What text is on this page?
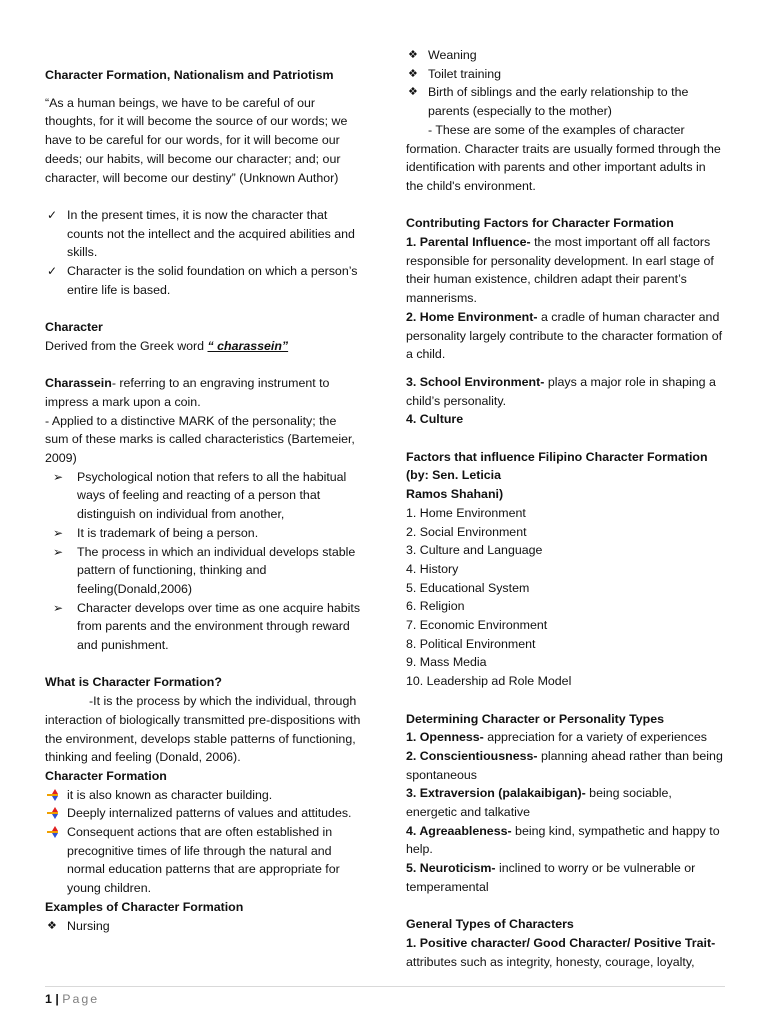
Character Formation, Nationalism and Patriotism

“As a human beings, we have to be careful of our thoughts, for it will become the source of our words; we have to be careful for our words, for it will become our deeds; our habits, will become our character; and; our character, will become our destiny” (Unknown Author)

✓ In the present times, it is now the character that counts not the intellect and the acquired abilities and skills.
✓ Character is the solid foundation on which a person’s entire life is based.

Character

Derived from the Greek word “ charassein”

Charassein- referring to an engraving instrument to impress a mark upon a coin.

- Applied to a distinctive MARK of the personality; the sum of these marks is called characteristics (Bartemeier, 2009)

➢	Psychological notion that refers to all the habitual ways of feeling and reacting of a person that distinguish on individual from another,
➢	It is trademark of being a person.
➢	The process in which an individual develops stable pattern of functioning, thinking and feeling(Donald,2006)
➢	Character develops over time as one acquire habits from parents and the environment through reward and punishment.

What is Character Formation?

-It is the process by which the individual, through interaction of biologically transmitted pre-dispositions with the environment, develops stable patterns of functioning, thinking and feeling (Donald, 2006).

Character Formation

it is also known as character building.
Deeply internalized patterns of values and attitudes.
Consequent actions that are often established in precognitive times of life through the natural and normal education patterns that are appropriate for young children.

Examples of Character Formation

❖ Nursing
❖ Weaning
❖ Toilet training
❖ Birth of siblings and the early relationship to the parents (especially to the mother)

- These are some of the examples of character

formation. Character traits are usually formed through the identification with parents and other important adults in the child's environment.

Contributing Factors for Character Formation

1. Parental Influence- the most important off all factors responsible for personality development. In earl stage of their human existence, children adapt their parent’s mannerisms.

2. Home Environment- a cradle of human character and personality largely contribute to the character formation of a child.

3. School Environment- plays a major role in shaping a child’s personality.

4. Culture

Factors that influence Filipino Character Formation (by: Sen. Leticia

Ramos Shahani)

1. Home Environment

2. Social Environment

3. Culture and Language

4. History

5. Educational System

6. Religion

7. Economic Environment

8. Political Environment

9. Mass Media

10. Leadership ad Role Model

Determining Character or Personality Types

1. Openness- appreciation for a variety of experiences

2. Conscientiousness- planning ahead rather than being spontaneous

3. Extraversion (palakaibigan)- being sociable, energetic and talkative

4. Agreaableness- being kind, sympathetic and happy to help.

5. Neuroticism- inclined to worry or be vulnerable or temperamental

General Types of Characters

1. Positive character/ Good Character/ Positive Trait-

attributes such as integrity, honesty, courage, loyalty,

1 | Page
